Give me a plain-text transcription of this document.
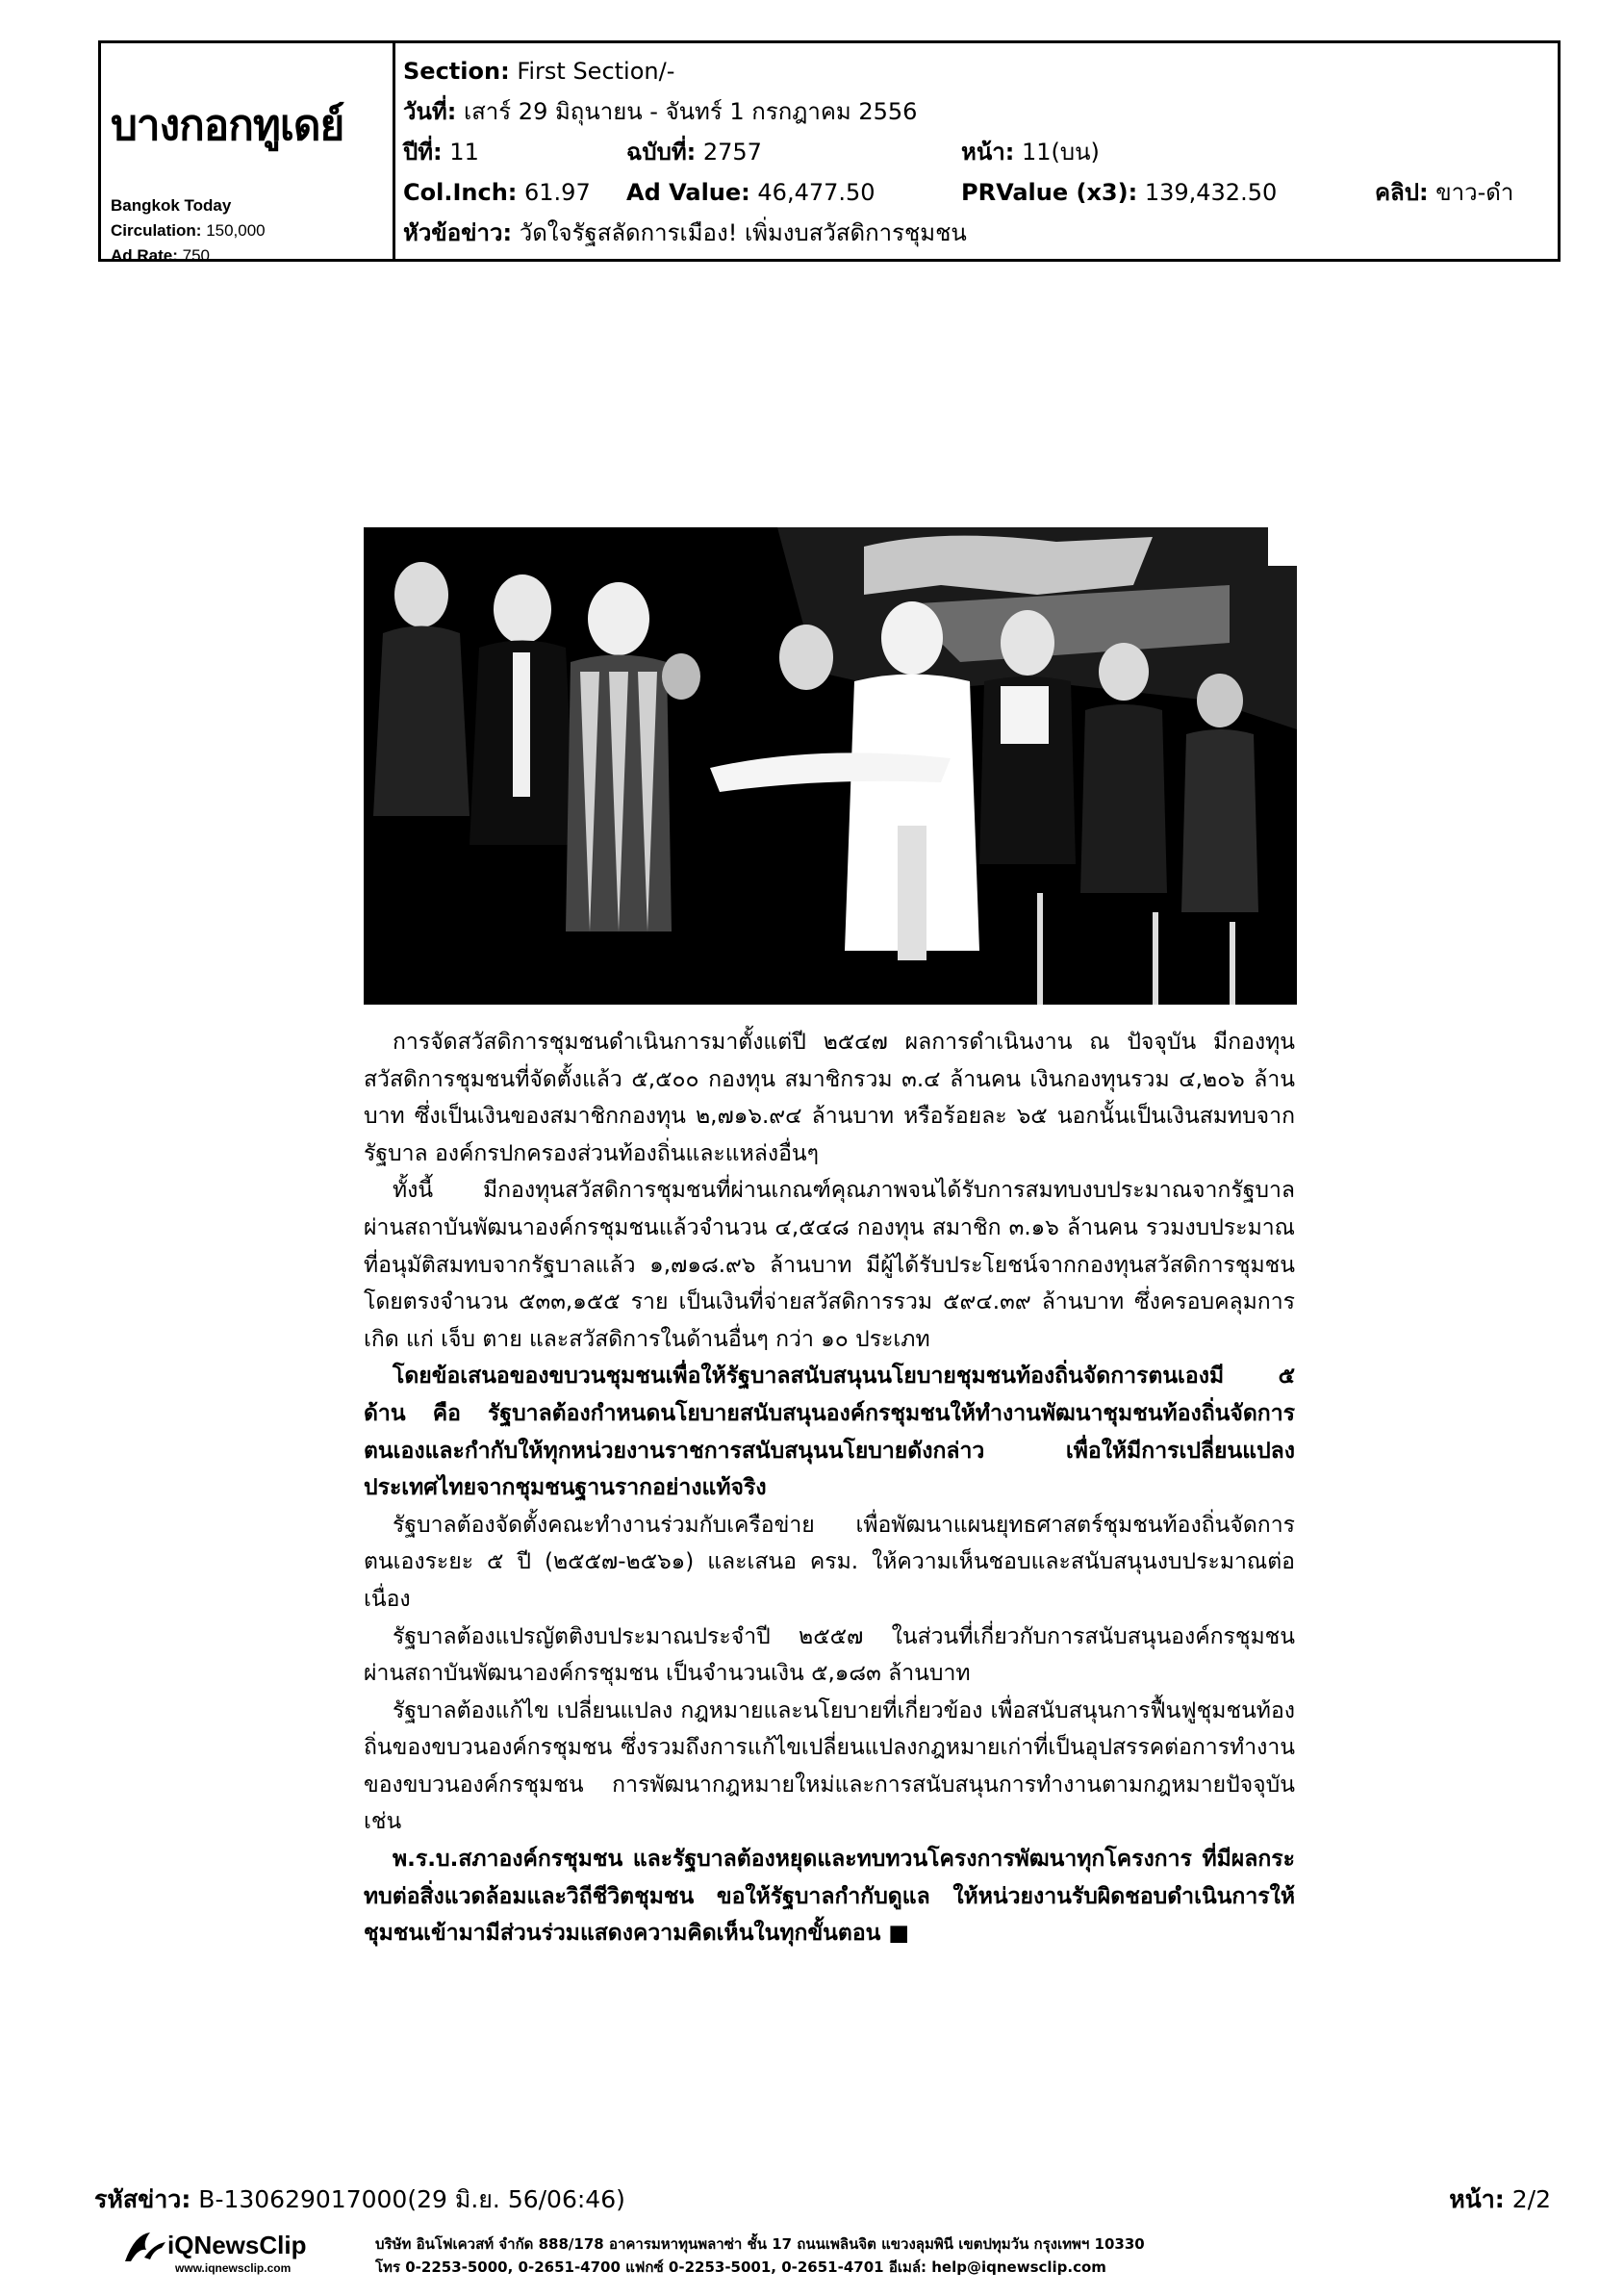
บางกอกทูเดย์
Bangkok Today
Circulation: 150,000
Ad Rate: 750
Section: First Section/-
วันที่: เสาร์ 29 มิถุนายน - จันทร์ 1 กรกฎาคม 2556
ปีที่: 11	ฉบับที่: 2757	หน้า: 11(บน)
Col.Inch: 61.97 Ad Value: 46,477.50	PRValue (x3): 139,432.50	คลิป: ขาว-ดำ
หัวข้อข่าว: วัดใจรัฐสลัดการเมือง! เพิ่มงบสวัสดิการชุมชน

การจัดสวัสดิการชุมชนดำเนินการมาตั้งแต่ปี ๒๕๔๗ ผลการดำเนินงาน ณ ปัจจุบัน มีกองทุนสวัสดิการชุมชนที่จัดตั้งแล้ว ๕,๕๐๐ กองทุน สมาชิกรวม ๓.๔ ล้านคน เงินกองทุนรวม ๔,๒๐๖ ล้านบาท ซึ่งเป็นเงินของสมาชิกกองทุน ๒,๗๑๖.๙๔ ล้านบาท หรือร้อยละ ๖๕ นอกนั้นเป็นเงินสมทบจากรัฐบาล องค์กรปกครองส่วนท้องถิ่นและแหล่งอื่นๆ

ทั้งนี้ มีกองทุนสวัสดิการชุมชนที่ผ่านเกณฑ์คุณภาพจนได้รับการสมทบงบประมาณจากรัฐบาล ผ่านสถาบันพัฒนาองค์กรชุมชนแล้วจำนวน ๔,๕๔๘ กองทุน สมาชิก ๓.๑๖ ล้านคน รวมงบประมาณที่อนุมัติสมทบจากรัฐบาลแล้ว ๑,๗๑๘.๙๖ ล้านบาท มีผู้ได้รับประโยชน์จากกองทุนสวัสดิการชุมชนโดยตรงจำนวน ๕๓๓,๑๕๕ ราย เป็นเงินที่จ่ายสวัสดิการรวม ๕๙๔.๓๙ ล้านบาท ซึ่งครอบคลุมการเกิด แก่ เจ็บ ตาย และสวัสดิการในด้านอื่นๆ กว่า ๑๐ ประเภท

โดยข้อเสนอของขบวนชุมชนเพื่อให้รัฐบาลสนับสนุนนโยบายชุมชนท้องถิ่นจัดการตนเองมี ๕ ด้าน คือ รัฐบาลต้องกำหนดนโยบายสนับสนุนองค์กรชุมชนให้ทำงานพัฒนาชุมชนท้องถิ่นจัดการตนเองและกำกับให้ทุกหน่วยงานราชการสนับสนุนนโยบายดังกล่าว เพื่อให้มีการเปลี่ยนแปลงประเทศไทยจากชุมชนฐานรากอย่างแท้จริง

รัฐบาลต้องจัดตั้งคณะทำงานร่วมกับเครือข่าย เพื่อพัฒนาแผนยุทธศาสตร์ชุมชนท้องถิ่นจัดการตนเองระยะ ๕ ปี (๒๕๕๗-๒๕๖๑) และเสนอ ครม. ให้ความเห็นชอบและสนับสนุนงบประมาณต่อเนื่อง

รัฐบาลต้องแปรญัตติงบประมาณประจำปี ๒๕๕๗ ในส่วนที่เกี่ยวกับการสนับสนุนองค์กรชุมชน ผ่านสถาบันพัฒนาองค์กรชุมชน เป็นจำนวนเงิน ๕,๑๘๓ ล้านบาท

รัฐบาลต้องแก้ไข เปลี่ยนแปลง กฎหมายและนโยบายที่เกี่ยวข้อง เพื่อสนับสนุนการฟื้นฟูชุมชนท้องถิ่นของขบวนองค์กรชุมชน ซึ่งรวมถึงการแก้ไขเปลี่ยนแปลงกฎหมายเก่าที่เป็นอุปสรรคต่อการทำงานของขบวนองค์กรชุมชน การพัฒนากฎหมายใหม่และการสนับสนุนการทำงานตามกฎหมายปัจจุบัน เช่น

พ.ร.บ.สภาองค์กรชุมชน และรัฐบาลต้องหยุดและทบทวนโครงการพัฒนาทุกโครงการ ที่มีผลกระทบต่อสิ่งแวดล้อมและวิถีชีวิตชุมชน ขอให้รัฐบาลกำกับดูแล ให้หน่วยงานรับผิดชอบดำเนินการให้ชุมชนเข้ามามีส่วนร่วมแสดงความคิดเห็นในทุกขั้นตอน ■

รหัสข่าว: B-130629017000(29 มิ.ย. 56/06:46)	หน้า: 2/2
iQNewsClip
www.iqnewsclip.com
บริษัท อินโฟเควสท์ จำกัด 888/178 อาคารมหาทุนพลาซ่า ชั้น 17 ถนนเพลินจิต แขวงลุมพินี เขตปทุมวัน กรุงเทพฯ 10330
โทร 0-2253-5000, 0-2651-4700 แฟกซ์ 0-2253-5001, 0-2651-4701 อีเมล์: help@iqnewsclip.com
